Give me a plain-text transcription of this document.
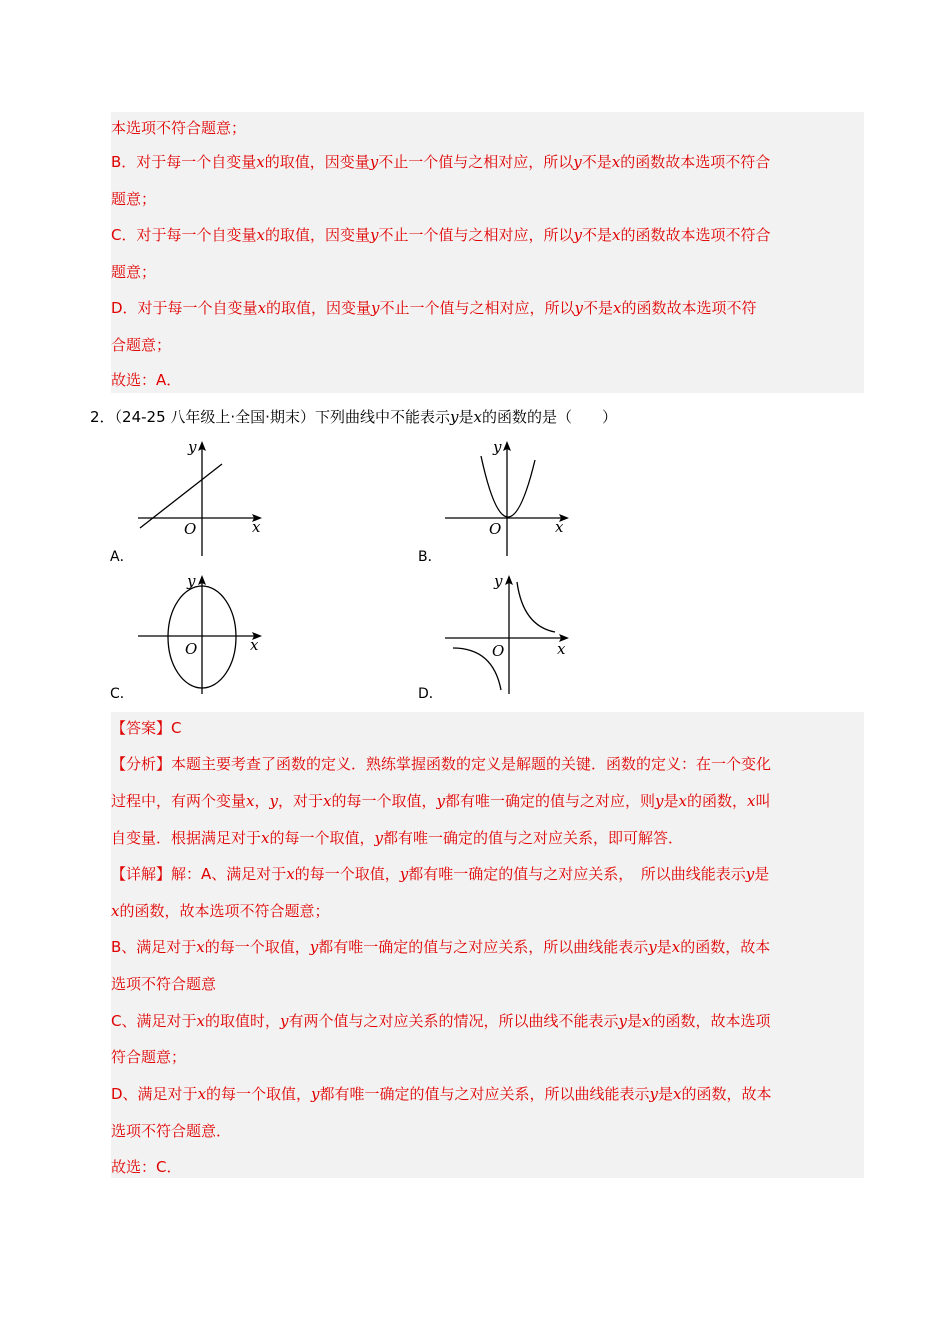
本选项不符合题意；
B．对于每一个自变量x的取值，因变量y不止一个值与之相对应，所以y不是x的函数故本选项不符合
题意；
C．对于每一个自变量x的取值，因变量y不止一个值与之相对应，所以y不是x的函数故本选项不符合
题意；
D．对于每一个自变量x的取值，因变量y不止一个值与之相对应，所以y不是x的函数故本选项不符
合题意；
故选：A．
2．（24-25 八年级上·全国·期末）下列曲线中不能表示y是x的函数的是（　　）
y
x
O
A．
y
x
O
B．
y
x
O
C．
y
x
O
D．
【答案】C
【分析】本题主要考查了函数的定义．熟练掌握函数的定义是解题的关键．函数的定义：在一个变化
过程中，有两个变量x，y，对于x的每一个取值，y都有唯一确定的值与之对应，则y是x的函数，x叫
自变量．根据满足对于x的每一个取值，y都有唯一确定的值与之对应关系，即可解答．
【详解】解：A、满足对于x的每一个取值，y都有唯一确定的值与之对应关系，　所以曲线能表示y是
x的函数，故本选项不符合题意；
B、满足对于x的每一个取值，y都有唯一确定的值与之对应关系，所以曲线能表示y是x的函数，故本
选项不符合题意
C、满足对于x的取值时，y有两个值与之对应关系的情况，所以曲线不能表示y是x的函数，故本选项
符合题意；
D、满足对于x的每一个取值，y都有唯一确定的值与之对应关系，所以曲线能表示y是x的函数，故本
选项不符合题意．
故选：C．
